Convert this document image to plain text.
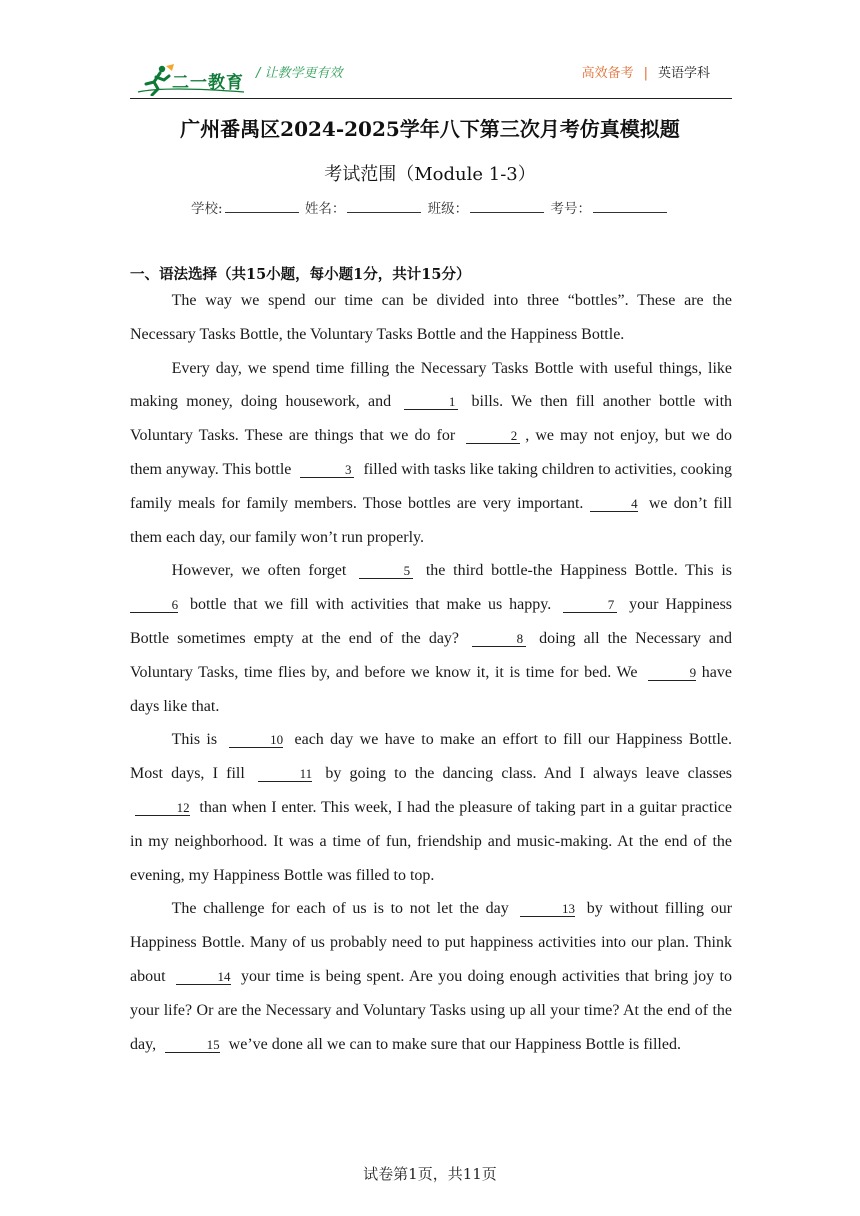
二一教育 / 让教学更有效	高效备考 | 英语学科
广州番禺区2024-2025学年八下第三次月考仿真模拟题
考试范围（Module 1-3）
学校:	姓名：	班级：	考号：
一、语法选择（共15小题，每小题1分，共计15分）

The way we spend our time can be divided into three “bottles”. These are the Necessary Tasks Bottle, the Voluntary Tasks Bottle and the Happiness Bottle.

Every day, we spend time filling the Necessary Tasks Bottle with useful things, like making money, doing housework, and	1 bills. We then fill another bottle with Voluntary Tasks. These are things that we do for	2 , we may not enjoy, but we do them anyway. This bottle	3 filled with tasks like taking children to activities, cooking family meals for family members. Those bottles are very important.	4 we don’t fill them each day, our family won’t run properly.

However, we often forget	5 the third bottle-the Happiness Bottle. This is 6 bottle that we fill with activities that make us happy.	7 your Happiness Bottle sometimes empty at the end of the day?	8 doing all the Necessary and Voluntary Tasks, time flies by, and before we know it, it is time for bed. We	9 have days like that.

This is	10 each day we have to make an effort to fill our Happiness Bottle. Most days, I fill	11 by going to the dancing class. And I always leave classes 12 than when I enter. This week, I had the pleasure of taking part in a guitar practice in my neighborhood. It was a time of fun, friendship and music-making. At the end of the evening, my Happiness Bottle was filled to top.

The challenge for each of us is to not let the day	13 by without filling our Happiness Bottle. Many of us probably need to put happiness activities into our plan. Think about	14 your time is being spent. Are you doing enough activities that bring joy to your life? Or are the Necessary and Voluntary Tasks using up all your time? At the end of the day,	15 we’ve done all we can to make sure that our Happiness Bottle is filled.

试卷第1页，共11页
